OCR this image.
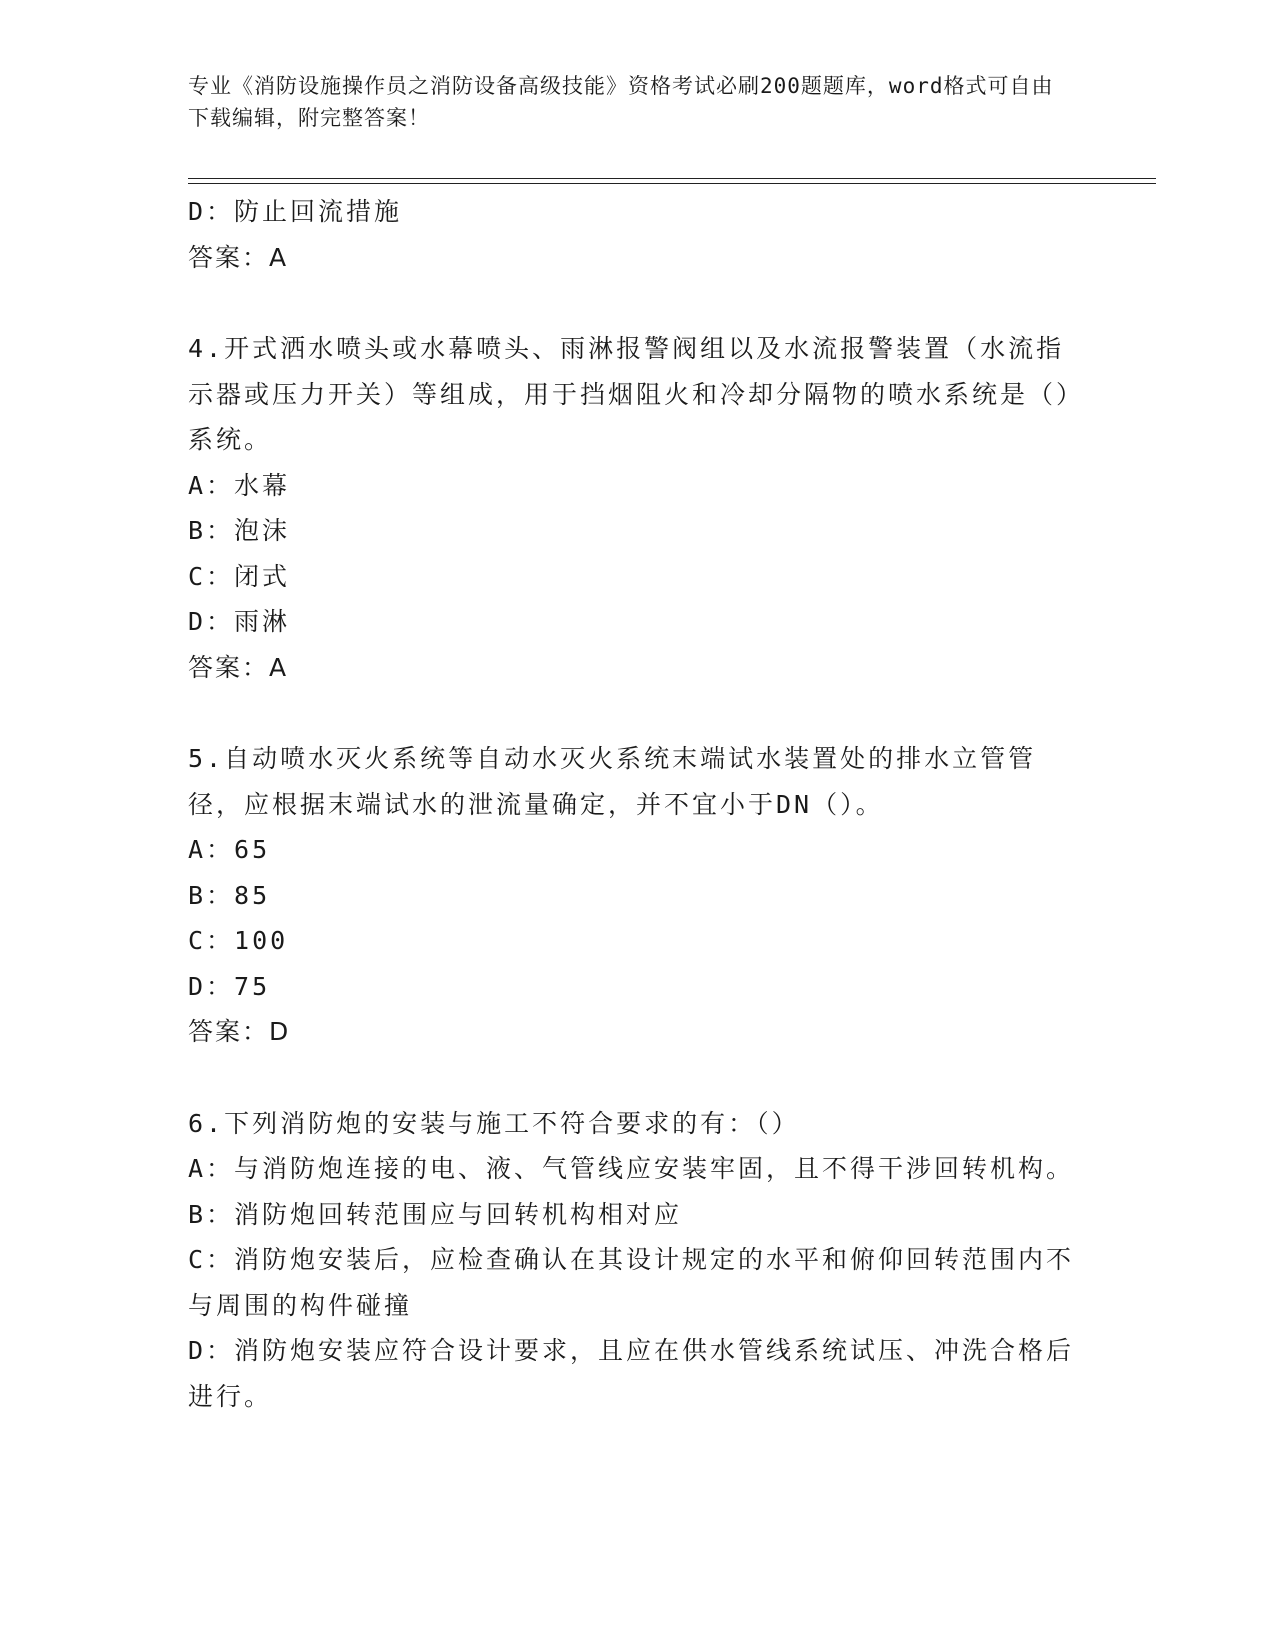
专业《消防设施操作员之消防设备高级技能》资格考试必刷200题题库，word格式可自由下载编辑，附完整答案！
D：防止回流措施
答案：A
4.开式洒水喷头或水幕喷头、雨淋报警阀组以及水流报警装置（水流指示器或压力开关）等组成，用于挡烟阻火和冷却分隔物的喷水系统是（）系统。
A：水幕
B：泡沫
C：闭式
D：雨淋
答案：A
5.自动喷水灭火系统等自动水灭火系统末端试水装置处的排水立管管径，应根据末端试水的泄流量确定，并不宜小于DN（）。
A：65
B：85
C：100
D：75
答案：D
6.下列消防炮的安装与施工不符合要求的有：（）
A：与消防炮连接的电、液、气管线应安装牢固，且不得干涉回转机构。
B：消防炮回转范围应与回转机构相对应
C：消防炮安装后，应检查确认在其设计规定的水平和俯仰回转范围内不与周围的构件碰撞
D：消防炮安装应符合设计要求，且应在供水管线系统试压、冲洗合格后进行。
